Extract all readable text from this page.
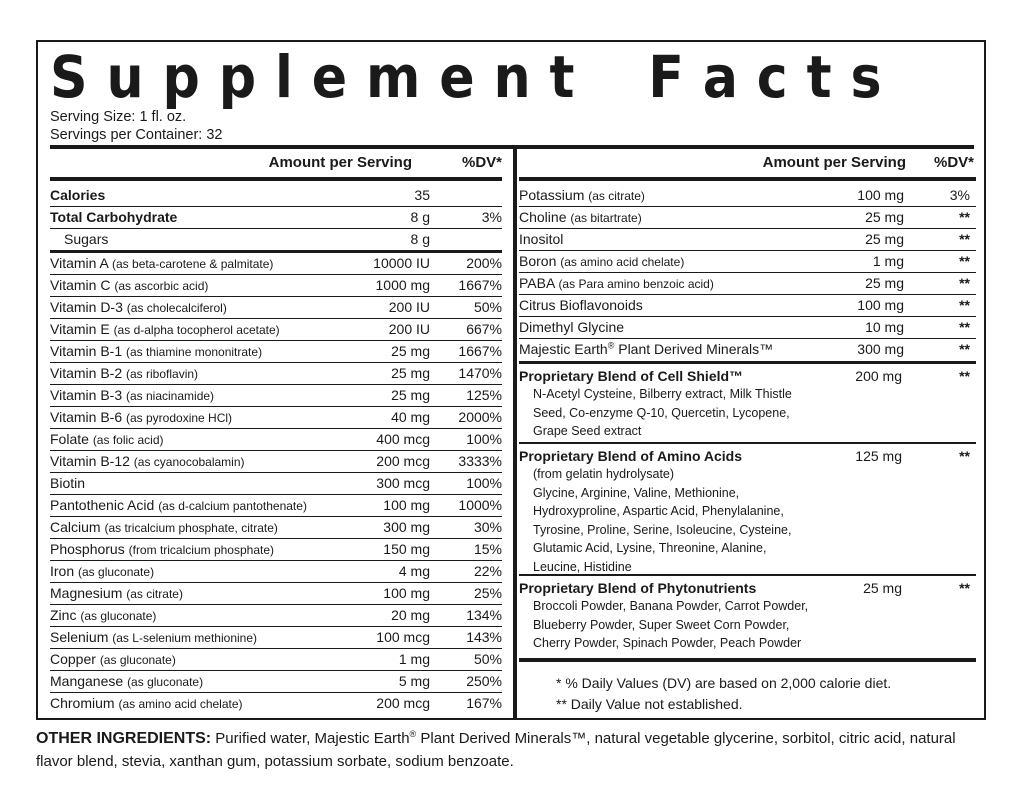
S u p p l e m e n t F a c t s
Serving Size: 1 fl. oz.
Servings per Container: 32
Amount per Serving	%DV*
Calories	35
Total Carbohydrate	8 g	3%
Sugars	8 g
Vitamin A (as beta-carotene & palmitate)	10000 IU	200%
Vitamin C (as ascorbic acid)	1000 mg 1667%
Vitamin D-3 (as cholecalciferol)	200 IU	50%
Vitamin E (as d-alpha tocopherol acetate)	200 IU	667%
Vitamin B-1 (as thiamine mononitrate)	25 mg 1667%
Vitamin B-2 (as riboflavin)	25 mg 1470%
Vitamin B-3 (as niacinamide)	25 mg	125%
Vitamin B-6 (as pyrodoxine HCl)	40 mg 2000%
Folate (as folic acid)	400 mcg	100%
Vitamin B-12 (as cyanocobalamin)	200 mcg 3333%
Biotin	300 mcg	100%
Pantothenic Acid (as d-calcium pantothenate)	100 mg 1000%
Calcium (as tricalcium phosphate, citrate)	300 mg	30%
Phosphorus (from tricalcium phosphate)	150 mg	15%
Iron (as gluconate)	4 mg	22%
Magnesium (as citrate)	100 mg	25%
Zinc (as gluconate)	20 mg	134%
Selenium (as L-selenium methionine)	100 mcg	143%
Copper (as gluconate)	1 mg	50%
Manganese (as gluconate)	5 mg	250%
Chromium (as amino acid chelate)	200 mcg	167%
Amount per Serving %DV*
Potassium (as citrate)	100 mg	3%
Choline (as bitartrate)	25 mg	**
Inositol	25 mg	**
Boron (as amino acid chelate)	1 mg	**
PABA (as Para amino benzoic acid)	25 mg	**
Citrus Bioflavonoids	100 mg	**
Dimethyl Glycine	10 mg	**
Majestic Earth® Plant Derived Minerals™	300 mg	**
Proprietary Blend of Cell Shield™	200 mg	**
N-Acetyl Cysteine, Bilberry extract, Milk Thistle
Seed, Co-enzyme Q-10, Quercetin, Lycopene,
Grape Seed extract
Proprietary Blend of Amino Acids	125 mg	**
(from gelatin hydrolysate)
Glycine, Arginine, Valine, Methionine,
Hydroxyproline, Aspartic Acid, Phenylalanine,
Tyrosine, Proline, Serine, Isoleucine, Cysteine,
Glutamic Acid, Lysine, Threonine, Alanine,
Leucine, Histidine
Proprietary Blend of Phytonutrients	25 mg	**
Broccoli Powder, Banana Powder, Carrot Powder,
Blueberry Powder, Super Sweet Corn Powder,
Cherry Powder, Spinach Powder, Peach Powder
* % Daily Values (DV) are based on 2,000 calorie diet.
** Daily Value not established.
OTHER INGREDIENTS: Purified water, Majestic Earth® Plant Derived Minerals™, natural vegetable glycerine, sorbitol, citric acid, natural flavor blend, stevia, xanthan gum, potassium sorbate, sodium benzoate.
